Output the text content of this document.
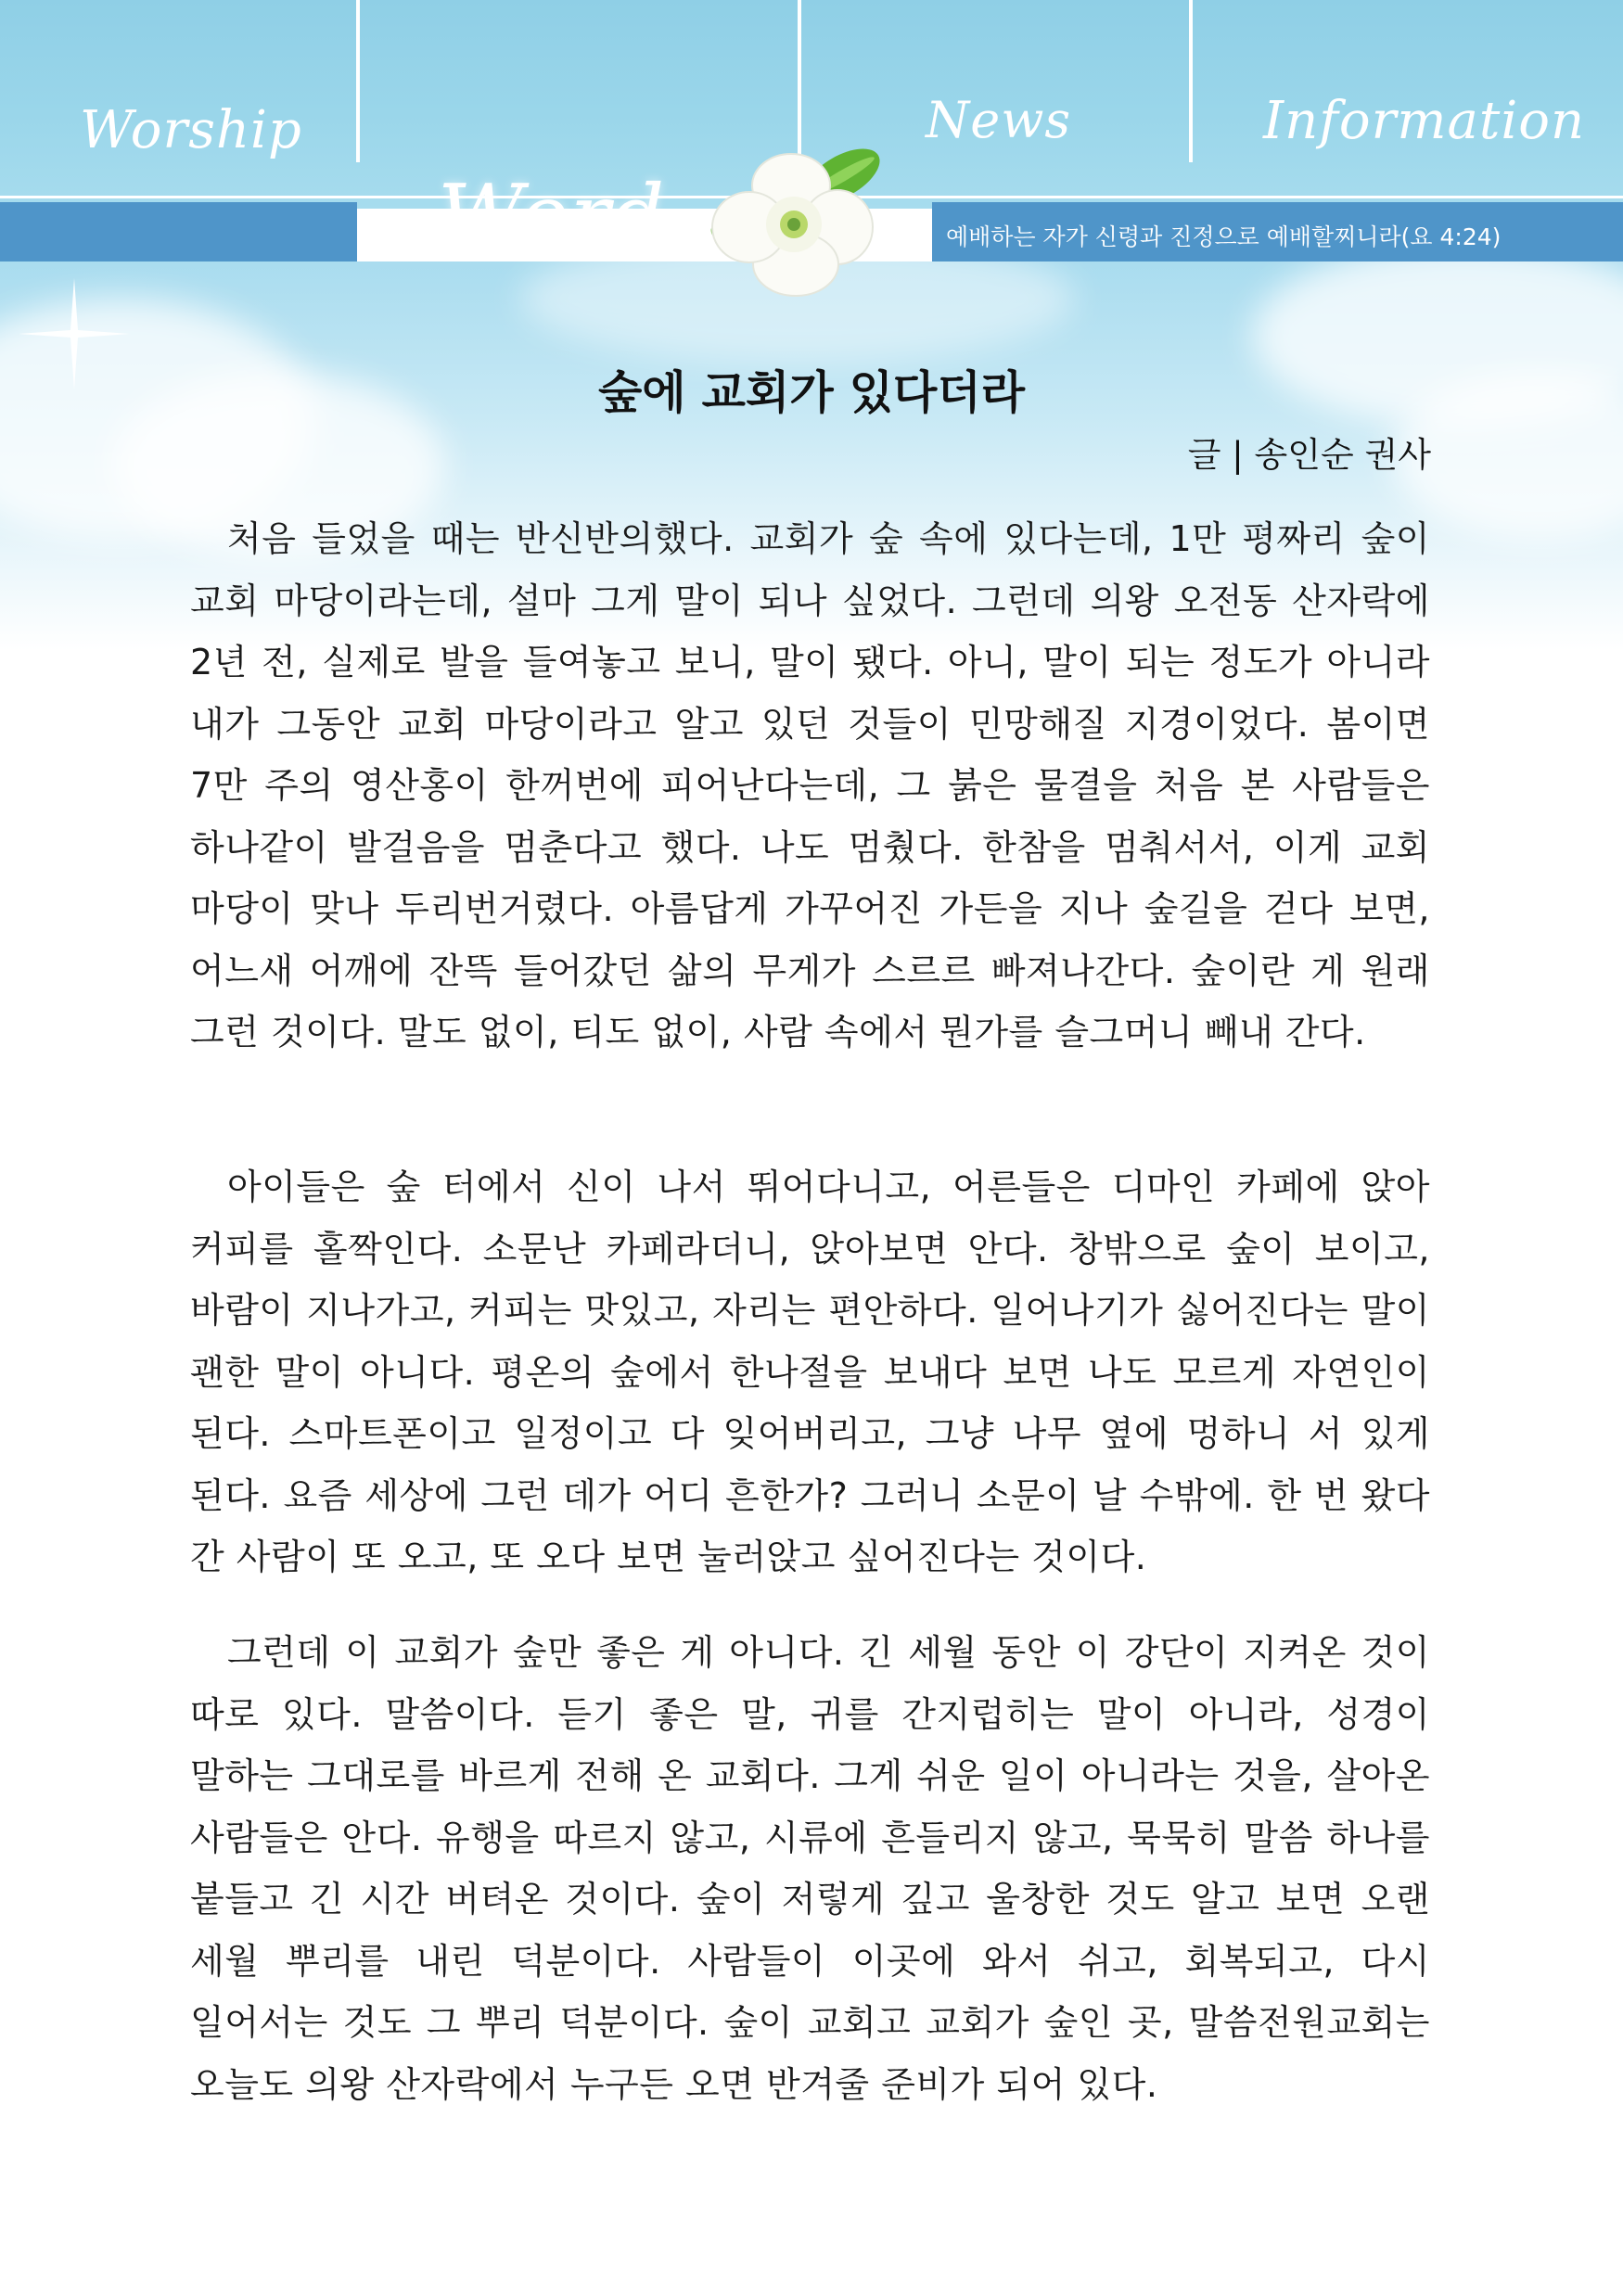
Worship	News	Information
Word	예배하는 자가 신령과 진정으로 예배할찌니라(요 4:24)
숲에 교회가 있다더라
글 | 송인순 권사

처음 들었을 때는 반신반의했다. 교회가 숲 속에 있다는데, 1만 평짜리 숲이 교회 마당이라는데, 설마 그게 말이 되나 싶었다. 그런데 의왕 오전동 산자락에 2년 전, 실제로 발을 들여놓고 보니, 말이 됐다. 아니, 말이 되는 정도가 아니라 내가 그동안 교회 마당이라고 알고 있던 것들이 민망해질 지경이었다. 봄이면 7만 주의 영산홍이 한꺼번에 피어난다는데, 그 붉은 물결을 처음 본 사람들은 하나같이 발걸음을 멈춘다고 했다. 나도 멈췄다. 한참을 멈춰서서, 이게 교회 마당이 맞나 두리번거렸다. 아름답게 가꾸어진 가든을 지나 숲길을 걷다 보면, 어느새 어깨에 잔뜩 들어갔던 삶의 무게가 스르르 빠져나간다. 숲이란 게 원래 그런 것이다. 말도 없이, 티도 없이, 사람 속에서 뭔가를 슬그머니 빼내 간다.

아이들은 숲 터에서 신이 나서 뛰어다니고, 어른들은 디마인 카페에 앉아 커피를 홀짝인다. 소문난 카페라더니, 앉아보면 안다. 창밖으로 숲이 보이고, 바람이 지나가고, 커피는 맛있고, 자리는 편안하다. 일어나기가 싫어진다는 말이 괜한 말이 아니다. 평온의 숲에서 한나절을 보내다 보면 나도 모르게 자연인이 된다. 스마트폰이고 일정이고 다 잊어버리고, 그냥 나무 옆에 멍하니 서 있게 된다. 요즘 세상에 그런 데가 어디 흔한가? 그러니 소문이 날 수밖에. 한 번 왔다 간 사람이 또 오고, 또 오다 보면 눌러앉고 싶어진다는 것이다.

그런데 이 교회가 숲만 좋은 게 아니다. 긴 세월 동안 이 강단이 지켜온 것이 따로 있다. 말씀이다. 듣기 좋은 말, 귀를 간지럽히는 말이 아니라, 성경이 말하는 그대로를 바르게 전해 온 교회다. 그게 쉬운 일이 아니라는 것을, 살아온 사람들은 안다. 유행을 따르지 않고, 시류에 흔들리지 않고, 묵묵히 말씀 하나를 붙들고 긴 시간 버텨온 것이다. 숲이 저렇게 깊고 울창한 것도 알고 보면 오랜 세월 뿌리를 내린 덕분이다. 사람들이 이곳에 와서 쉬고, 회복되고, 다시 일어서는 것도 그 뿌리 덕분이다. 숲이 교회고 교회가 숲인 곳, 말씀전원교회는 오늘도 의왕 산자락에서 누구든 오면 반겨줄 준비가 되어 있다.
